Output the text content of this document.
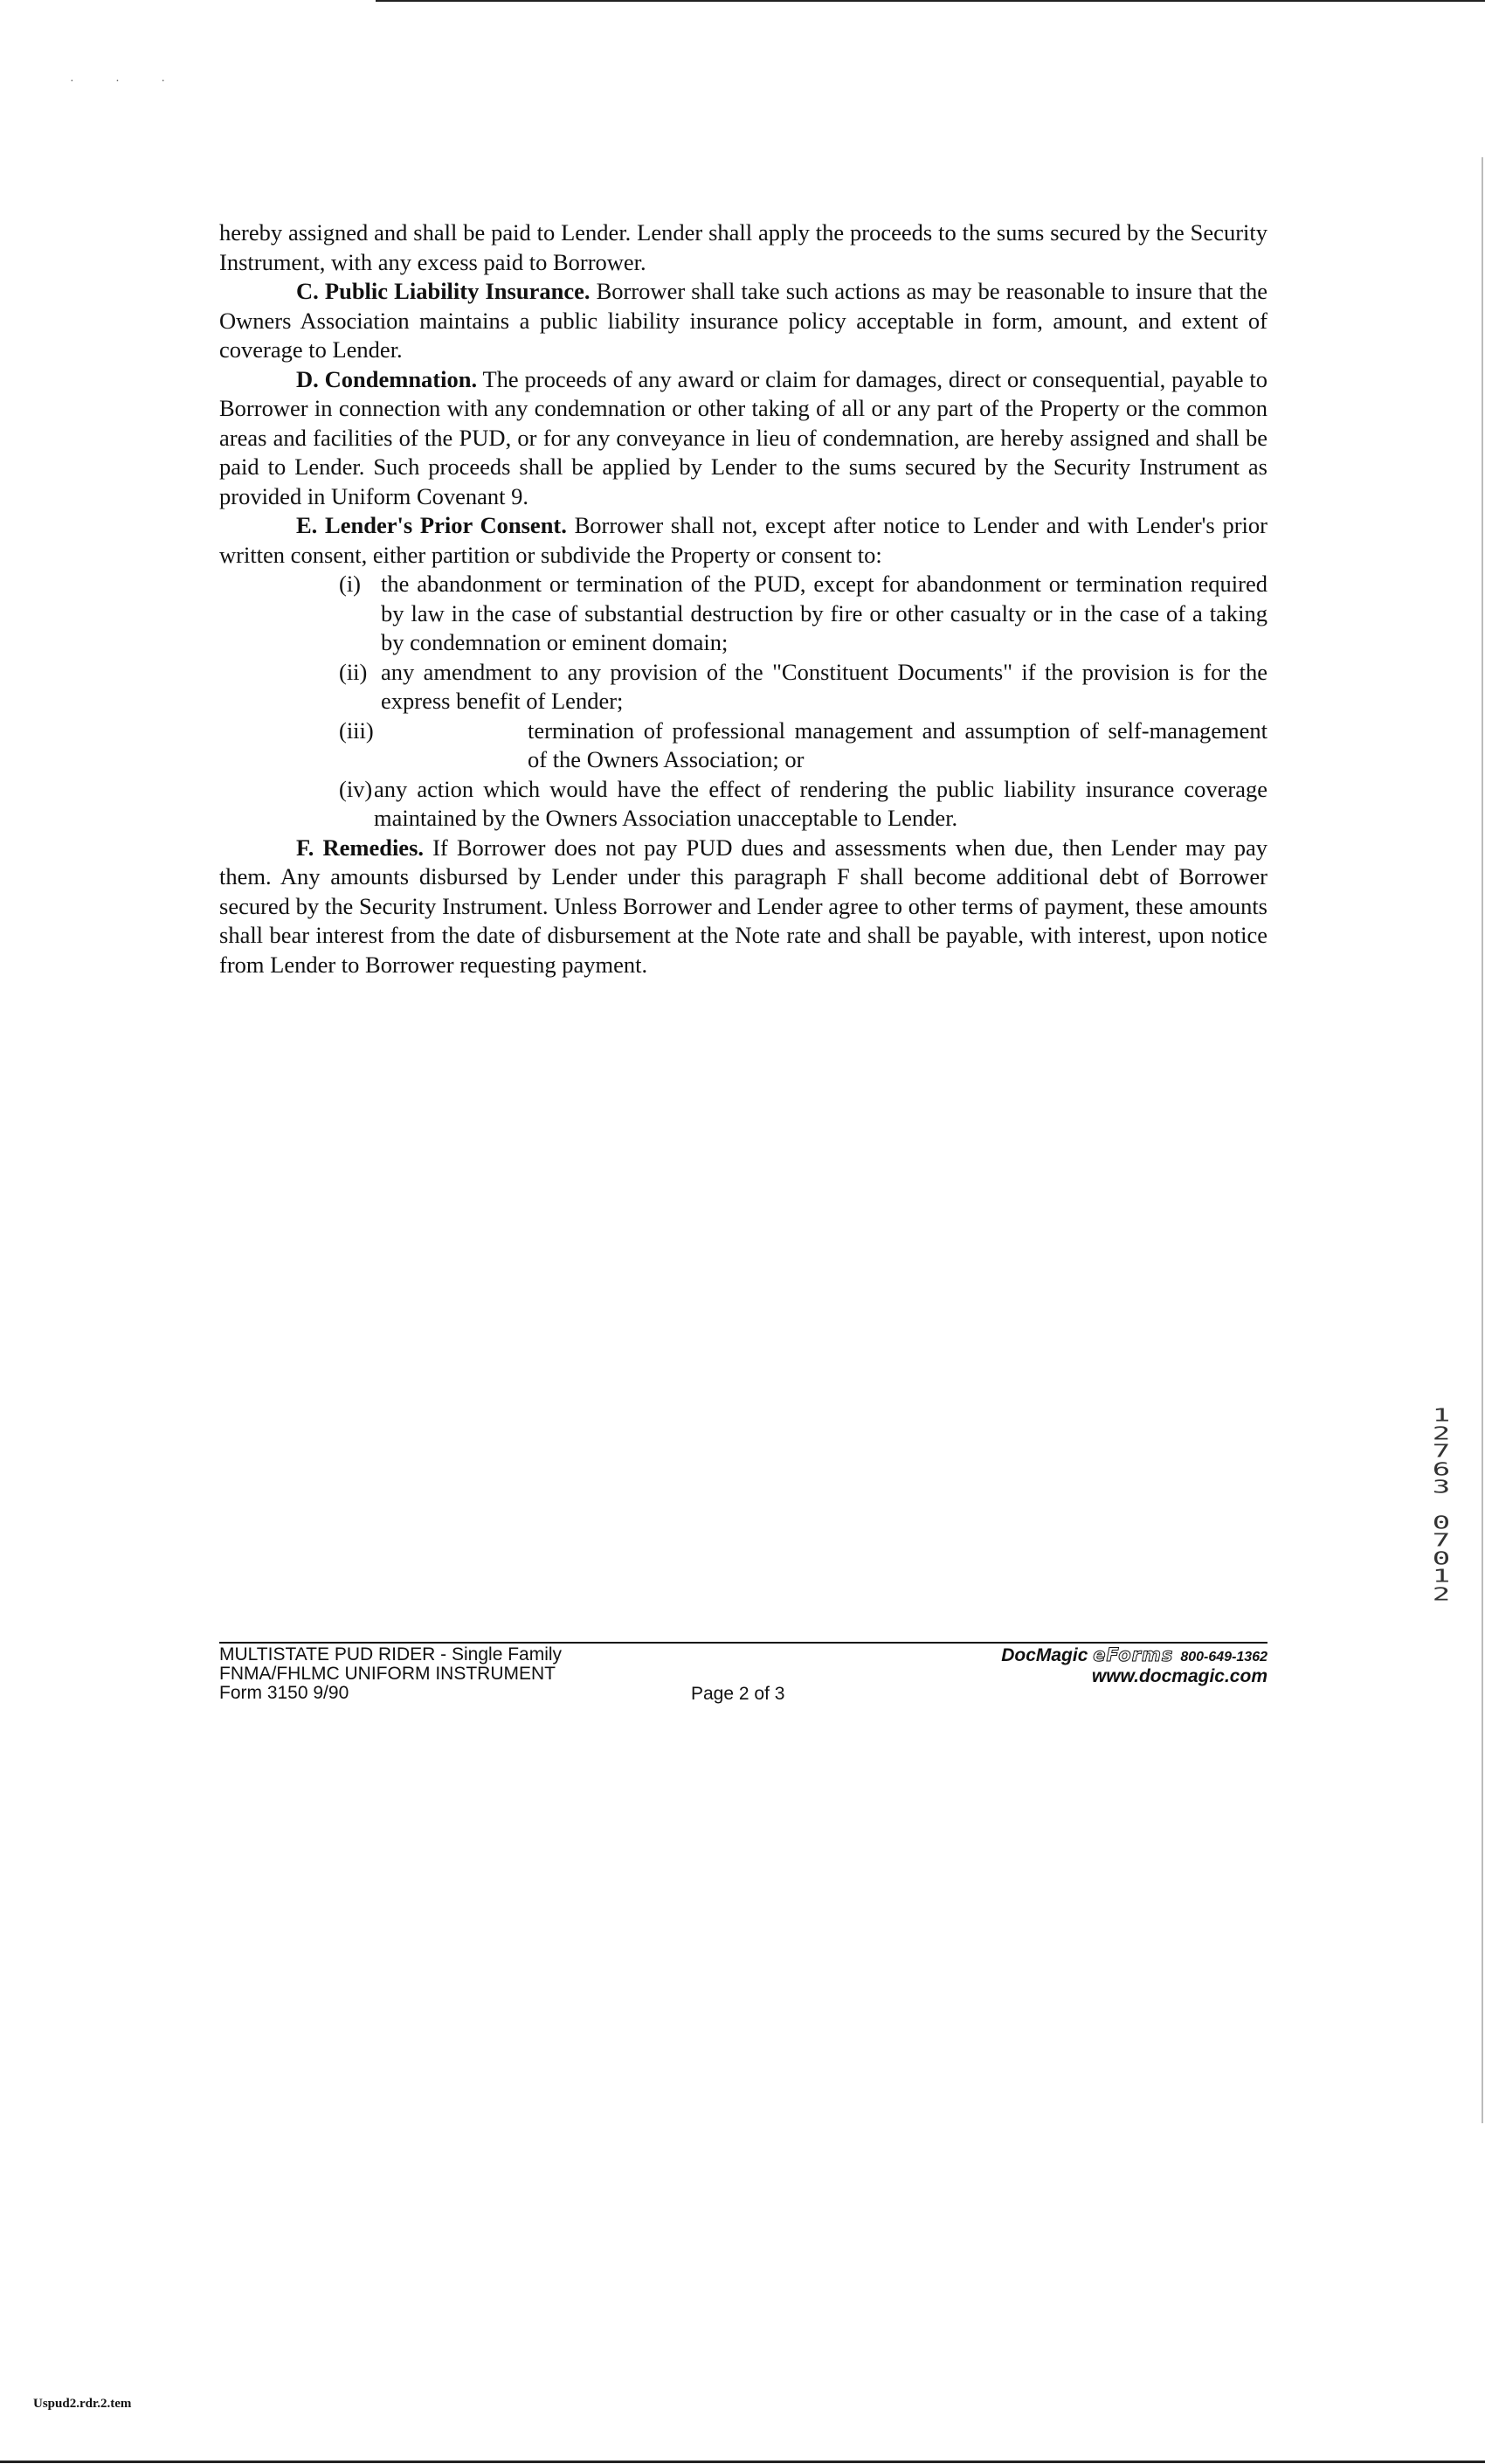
· · ·

hereby assigned and shall be paid to Lender. Lender shall apply the proceeds to the sums secured by the Security Instrument, with any excess paid to Borrower.

C. Public Liability Insurance. Borrower shall take such actions as may be reasonable to insure that the Owners Association maintains a public liability insurance policy acceptable in form, amount, and extent of coverage to Lender.

D. Condemnation. The proceeds of any award or claim for damages, direct or consequential, payable to Borrower in connection with any condemnation or other taking of all or any part of the Property or the common areas and facilities of the PUD, or for any conveyance in lieu of condemnation, are hereby assigned and shall be paid to Lender. Such proceeds shall be applied by Lender to the sums secured by the Security Instrument as provided in Uniform Covenant 9.

E. Lender's Prior Consent. Borrower shall not, except after notice to Lender and with Lender's prior written consent, either partition or subdivide the Property or consent to:

(i) the abandonment or termination of the PUD, except for abandonment or termination required by law in the case of substantial destruction by fire or other casualty or in the case of a taking by condemnation or eminent domain;
(ii) any amendment to any provision of the "Constituent Documents" if the provision is for the express benefit of Lender;
(iii)	termination of professional management and assumption of self-management of the Owners Association; or
(iv) any action which would have the effect of rendering the public liability insurance coverage maintained by the Owners Association unacceptable to Lender.

F. Remedies. If Borrower does not pay PUD dues and assessments when due, then Lender may pay them. Any amounts disbursed by Lender under this paragraph F shall become additional debt of Borrower secured by the Security Instrument. Unless Borrower and Lender agree to other terms of payment, these amounts shall bear interest from the date of disbursement at the Note rate and shall be payable, with interest, upon notice from Lender to Borrower requesting payment.

MULTISTATE PUD RIDER - Single Family
FNMA/FHLMC UNIFORM INSTRUMENT
Form 3150 9/90	Page 2 of 3
DocMagic eForms 800-649-1362
www.docmagic.com
1
2
7
6
3
0
7
0
1
2
Uspud2.rdr.2.tem
